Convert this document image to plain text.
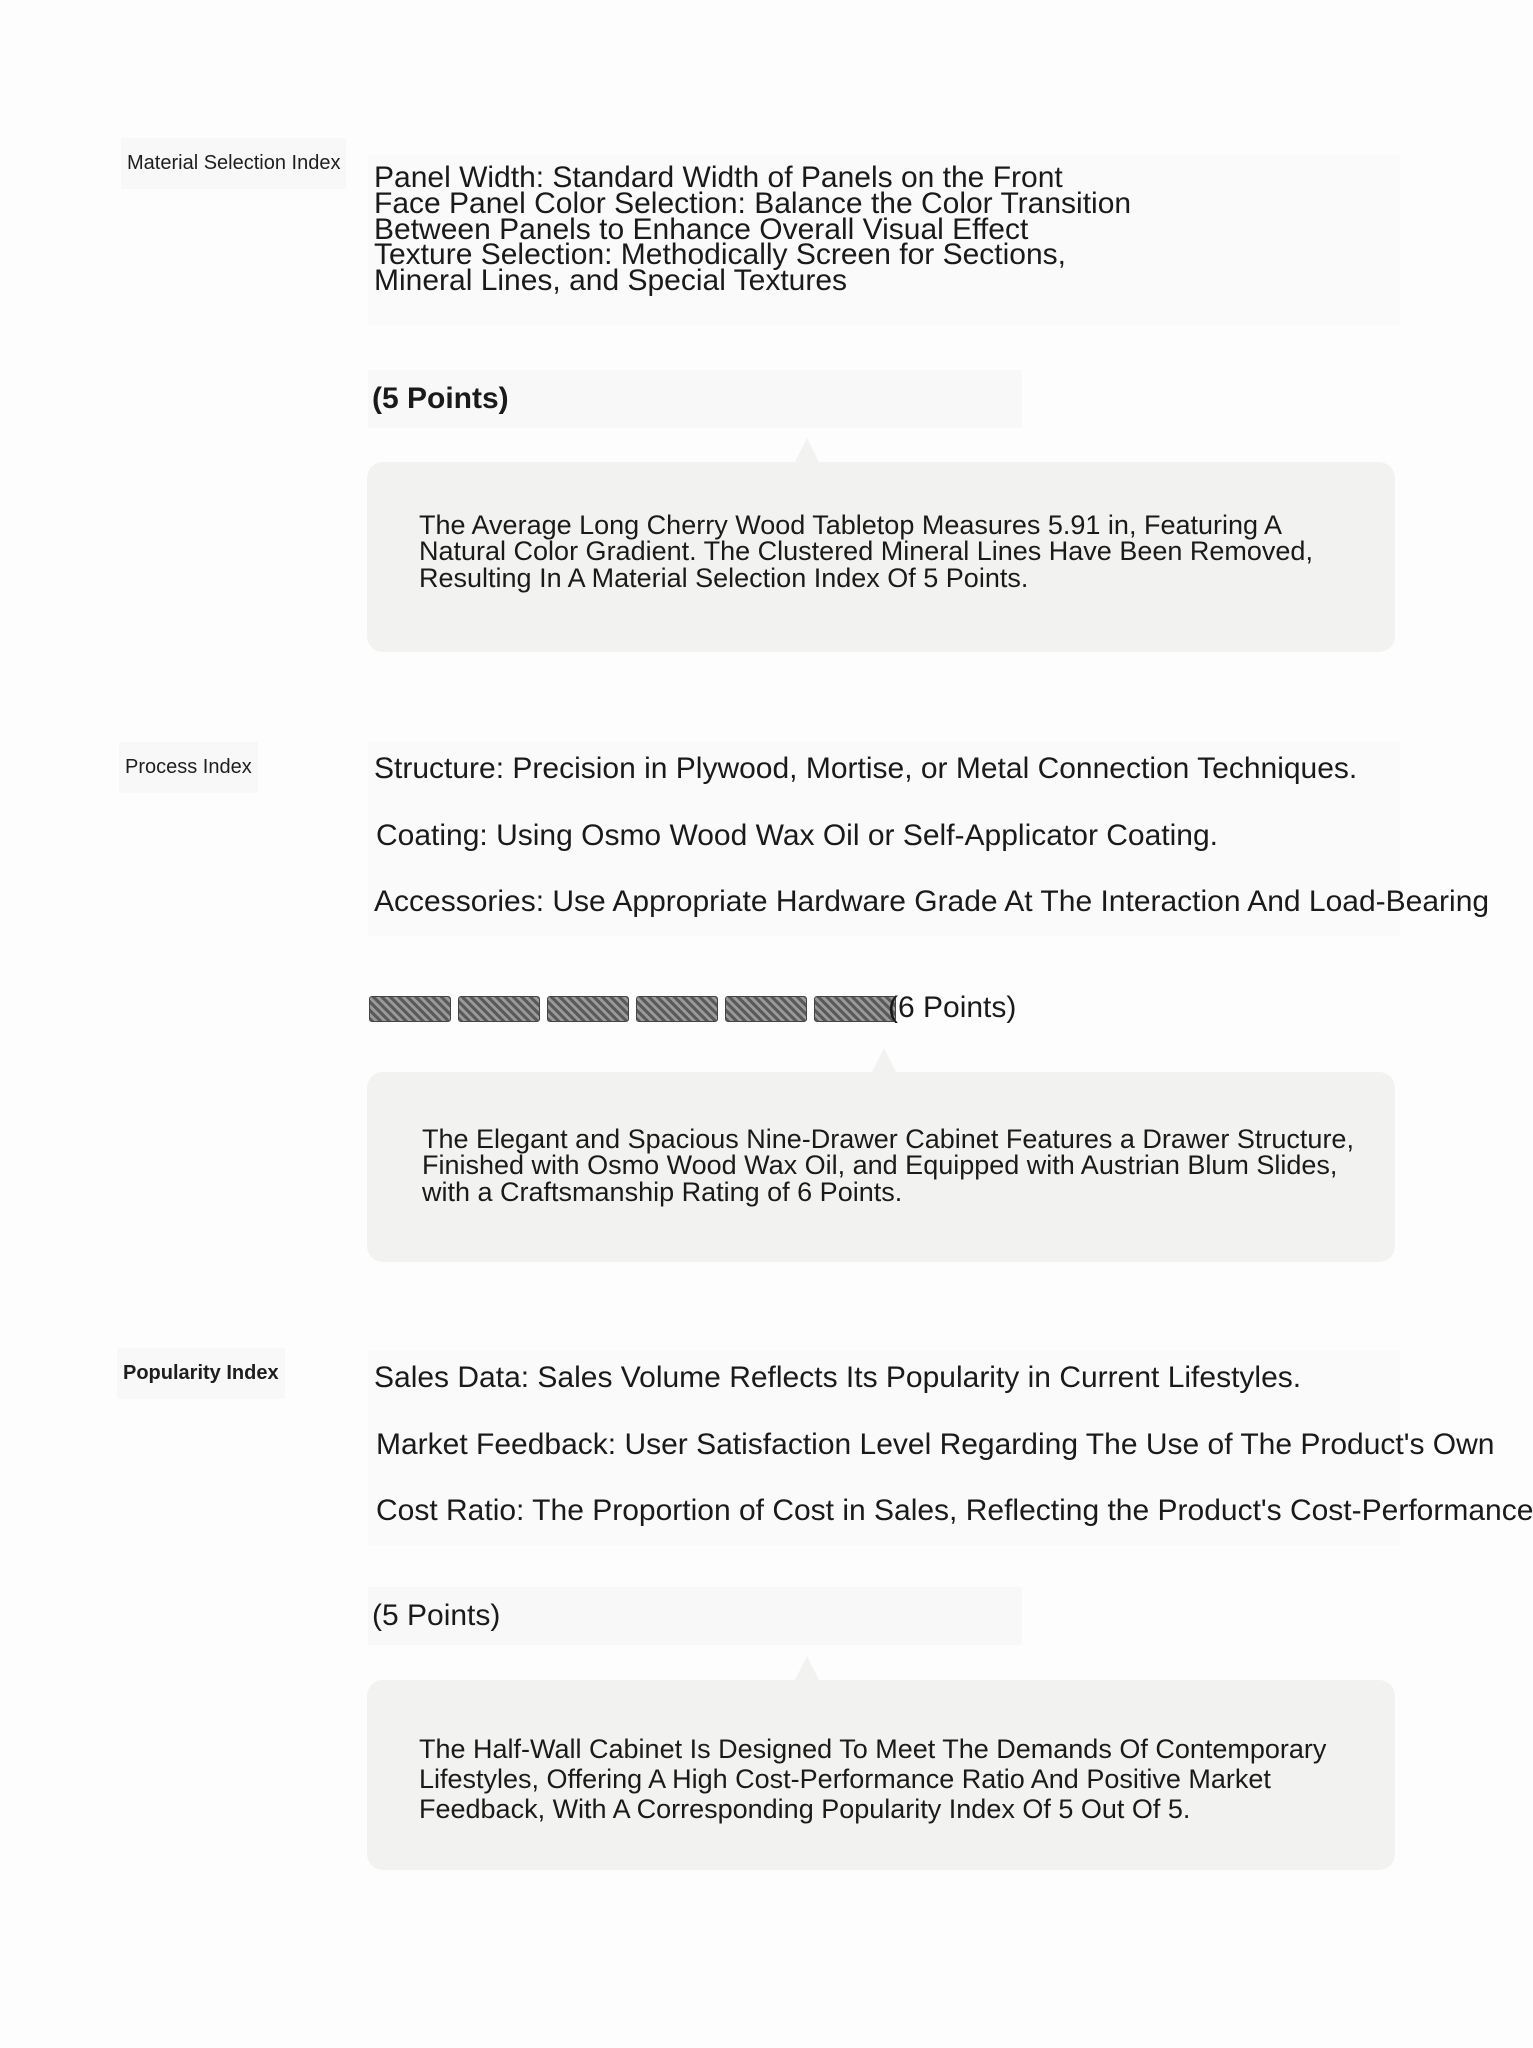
Material Selection Index Panel Width: Standard Width of Panels on the Front Face Panel Color Selection: Balance the Color Transition Between Panels to Enhance Overall Visual Effect Texture Selection: Methodically Screen for Sections, Mineral Lines, and Special Textures
(5 Points)
The Average Long Cherry Wood Tabletop Measures 5.91 in, Featuring A Natural Color Gradient. The Clustered Mineral Lines Have Been Removed, Resulting In A Material Selection Index Of 5 Points.
Process Index	Structure: Precision in Plywood, Mortise, or Metal Connection Techniques.
Coating: Using Osmo Wood Wax Oil or Self-Applicator Coating.
Accessories: Use Appropriate Hardware Grade At The Interaction And Load-Bearing
(6 Points)
The Elegant and Spacious Nine-Drawer Cabinet Features a Drawer Structure, Finished with Osmo Wood Wax Oil, and Equipped with Austrian Blum Slides, with a Craftsmanship Rating of 6 Points.
Popularity Index	Sales Data: Sales Volume Reflects Its Popularity in Current Lifestyles.
Market Feedback: User Satisfaction Level Regarding The Use of The Product's Own
Cost Ratio: The Proportion of Cost in Sales, Reflecting the Product's Cost-Performance
(5 Points)
The Half-Wall Cabinet Is Designed To Meet The Demands Of Contemporary Lifestyles, Offering A High Cost-Performance Ratio And Positive Market Feedback, With A Corresponding Popularity Index Of 5 Out Of 5.
